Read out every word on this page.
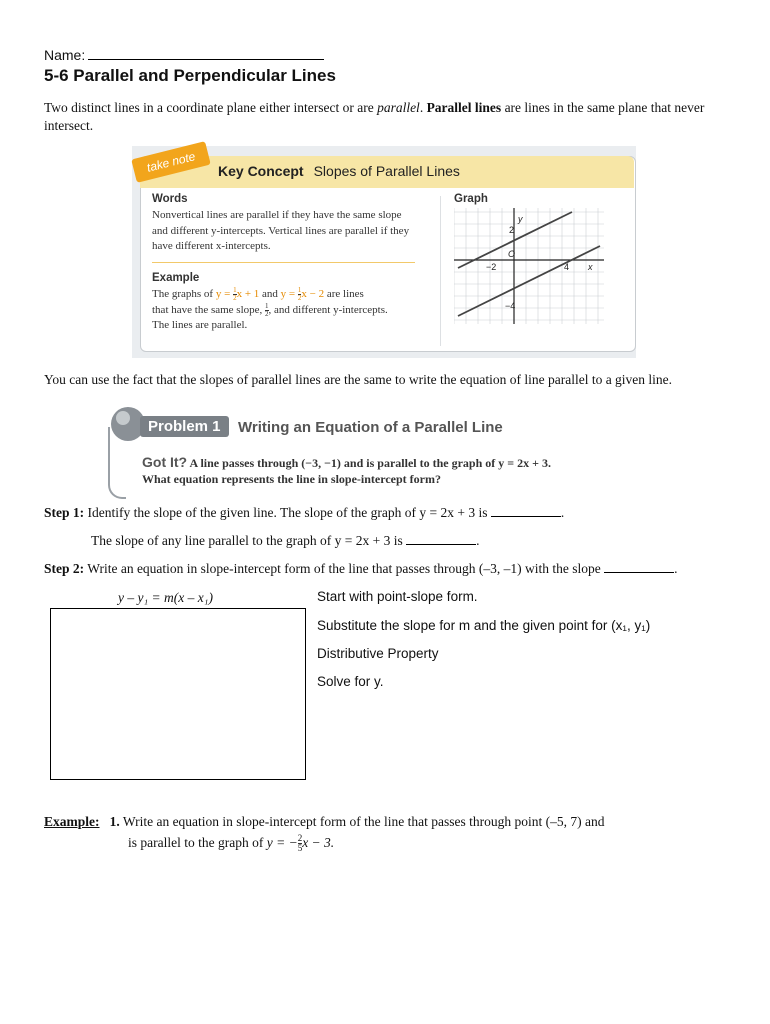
Name:
5-6 Parallel and Perpendicular Lines
Two distinct lines in a coordinate plane either intersect or are parallel. Parallel lines are lines in the same plane that never intersect.
take note	Key Concept Slopes of Parallel Lines
Words
Nonvertical lines are parallel if they have the same slope and different y-intercepts. Vertical lines are parallel if they have different x-intercepts.
Example
The graphs of $y = \frac{1}{2}$ x + 1 and $y = \frac{1}{2}$ x − 2 are lines
that have the same slope, $\frac{1}{2}$ , and different y-intercepts.
The lines are parallel.
Graph
−2
O
4 x
2
y
−4
You can use the fact that the slopes of parallel lines are the same to write the equation of line parallel to a given line.
Problem 1	Writing an Equation of a Parallel Line
Got It? A line passes through (−3, −1) and is parallel to the graph of y = 2x + 3.
What equation represents the line in slope-intercept form?
Step 1: Identify the slope of the given line. The slope of the graph of y = 2x + 3 is	.
The slope of any line parallel to the graph of y = 2x + 3 is	.
Step 2: Write an equation in slope-intercept form of the line that passes through (–3, –1) with the slope	.
y – y₁ = m(x – x₁)	Start with point-slope form.
Substitute the slope for m and the given point for (x₁, y₁)
Distributive Property
Solve for y.
Example: 1. Write an equation in slope-intercept form of the line that passes through point (–5, 7) and
is parallel to the graph of y = − $\frac{2}{5}$ x − 3.
